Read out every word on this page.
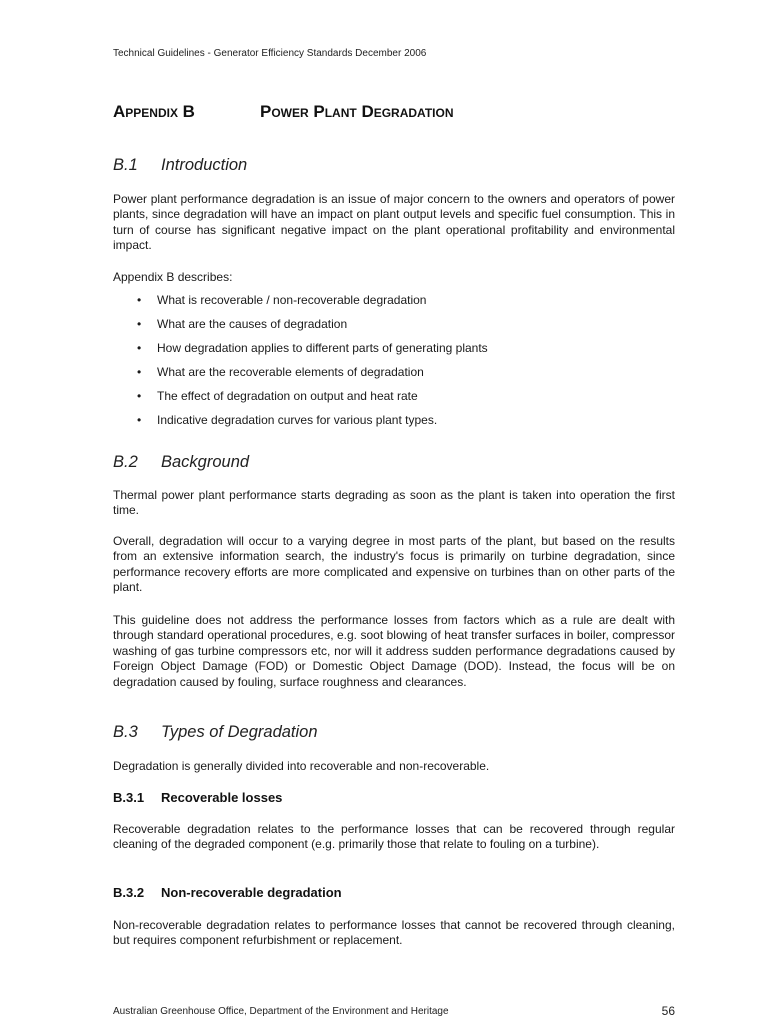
Technical Guidelines - Generator Efficiency Standards December 2006
Appendix B	Power Plant Degradation
B.1 Introduction

Power plant performance degradation is an issue of major concern to the owners and operators of power plants, since degradation will have an impact on plant output levels and specific fuel consumption. This in turn of course has significant negative impact on the plant operational profitability and environmental impact.

Appendix B describes:

• What is recoverable / non-recoverable degradation
• What are the causes of degradation
• How degradation applies to different parts of generating plants
• What are the recoverable elements of degradation
• The effect of degradation on output and heat rate
• Indicative degradation curves for various plant types.
B.2 Background

Thermal power plant performance starts degrading as soon as the plant is taken into operation the first time.

Overall, degradation will occur to a varying degree in most parts of the plant, but based on the results from an extensive information search, the industry's focus is primarily on turbine degradation, since performance recovery efforts are more complicated and expensive on turbines than on other parts of the plant.

This guideline does not address the performance losses from factors which as a rule are dealt with through standard operational procedures, e.g. soot blowing of heat transfer surfaces in boiler, compressor washing of gas turbine compressors etc, nor will it address sudden performance degradations caused by Foreign Object Damage (FOD) or Domestic Object Damage (DOD). Instead, the focus will be on degradation caused by fouling, surface roughness and clearances.

B.3 Types of Degradation

Degradation is generally divided into recoverable and non-recoverable.

B.3.1 Recoverable losses

Recoverable degradation relates to the performance losses that can be recovered through regular cleaning of the degraded component (e.g. primarily those that relate to fouling on a turbine).

B.3.2 Non-recoverable degradation

Non-recoverable degradation relates to performance losses that cannot be recovered through cleaning, but requires component refurbishment or replacement.

Australian Greenhouse Office, Department of the Environment and Heritage	56
